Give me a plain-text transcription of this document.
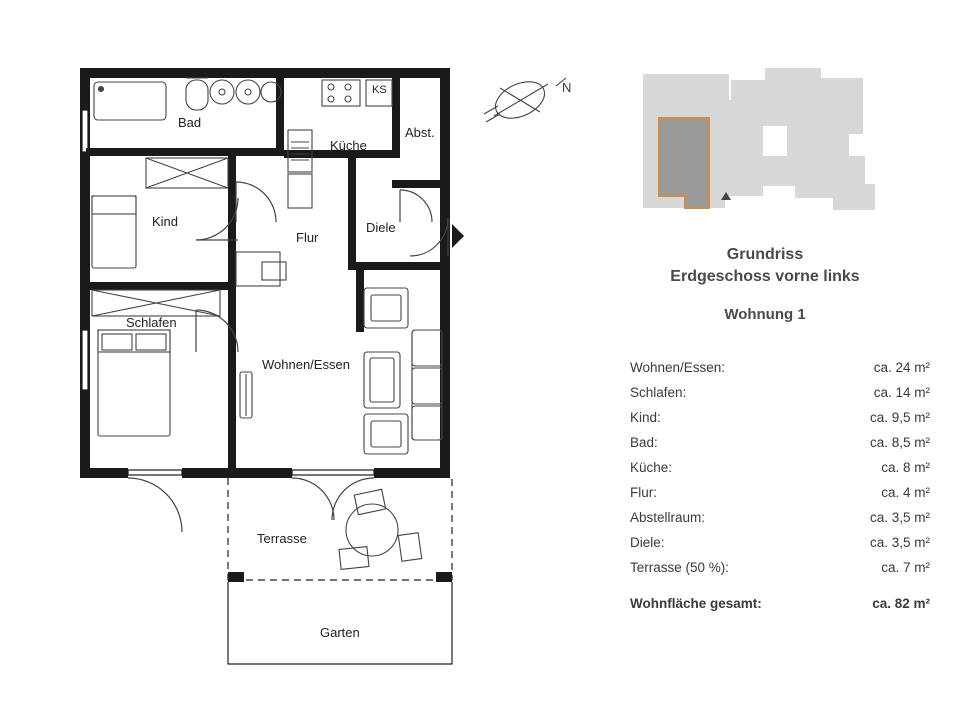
N
Bad
Küche
Abst.
KS
Kind
Flur
Diele
Schlafen
Wohnen/Essen
Terrasse
Garten
Grundriss
Erdgeschoss vorne links
Wohnung 1
Wohnen/Essen:	ca. 24 m²
Schlafen:	ca. 14 m²
Kind:	ca. 9,5 m²
Bad:	ca. 8,5 m²
Küche:	ca. 8 m²
Flur:	ca. 4 m²
Abstellraum:	ca. 3,5 m²
Diele:	ca. 3,5 m²
Terrasse (50 %):	ca. 7 m²
Wohnfläche gesamt:	ca. 82 m²
